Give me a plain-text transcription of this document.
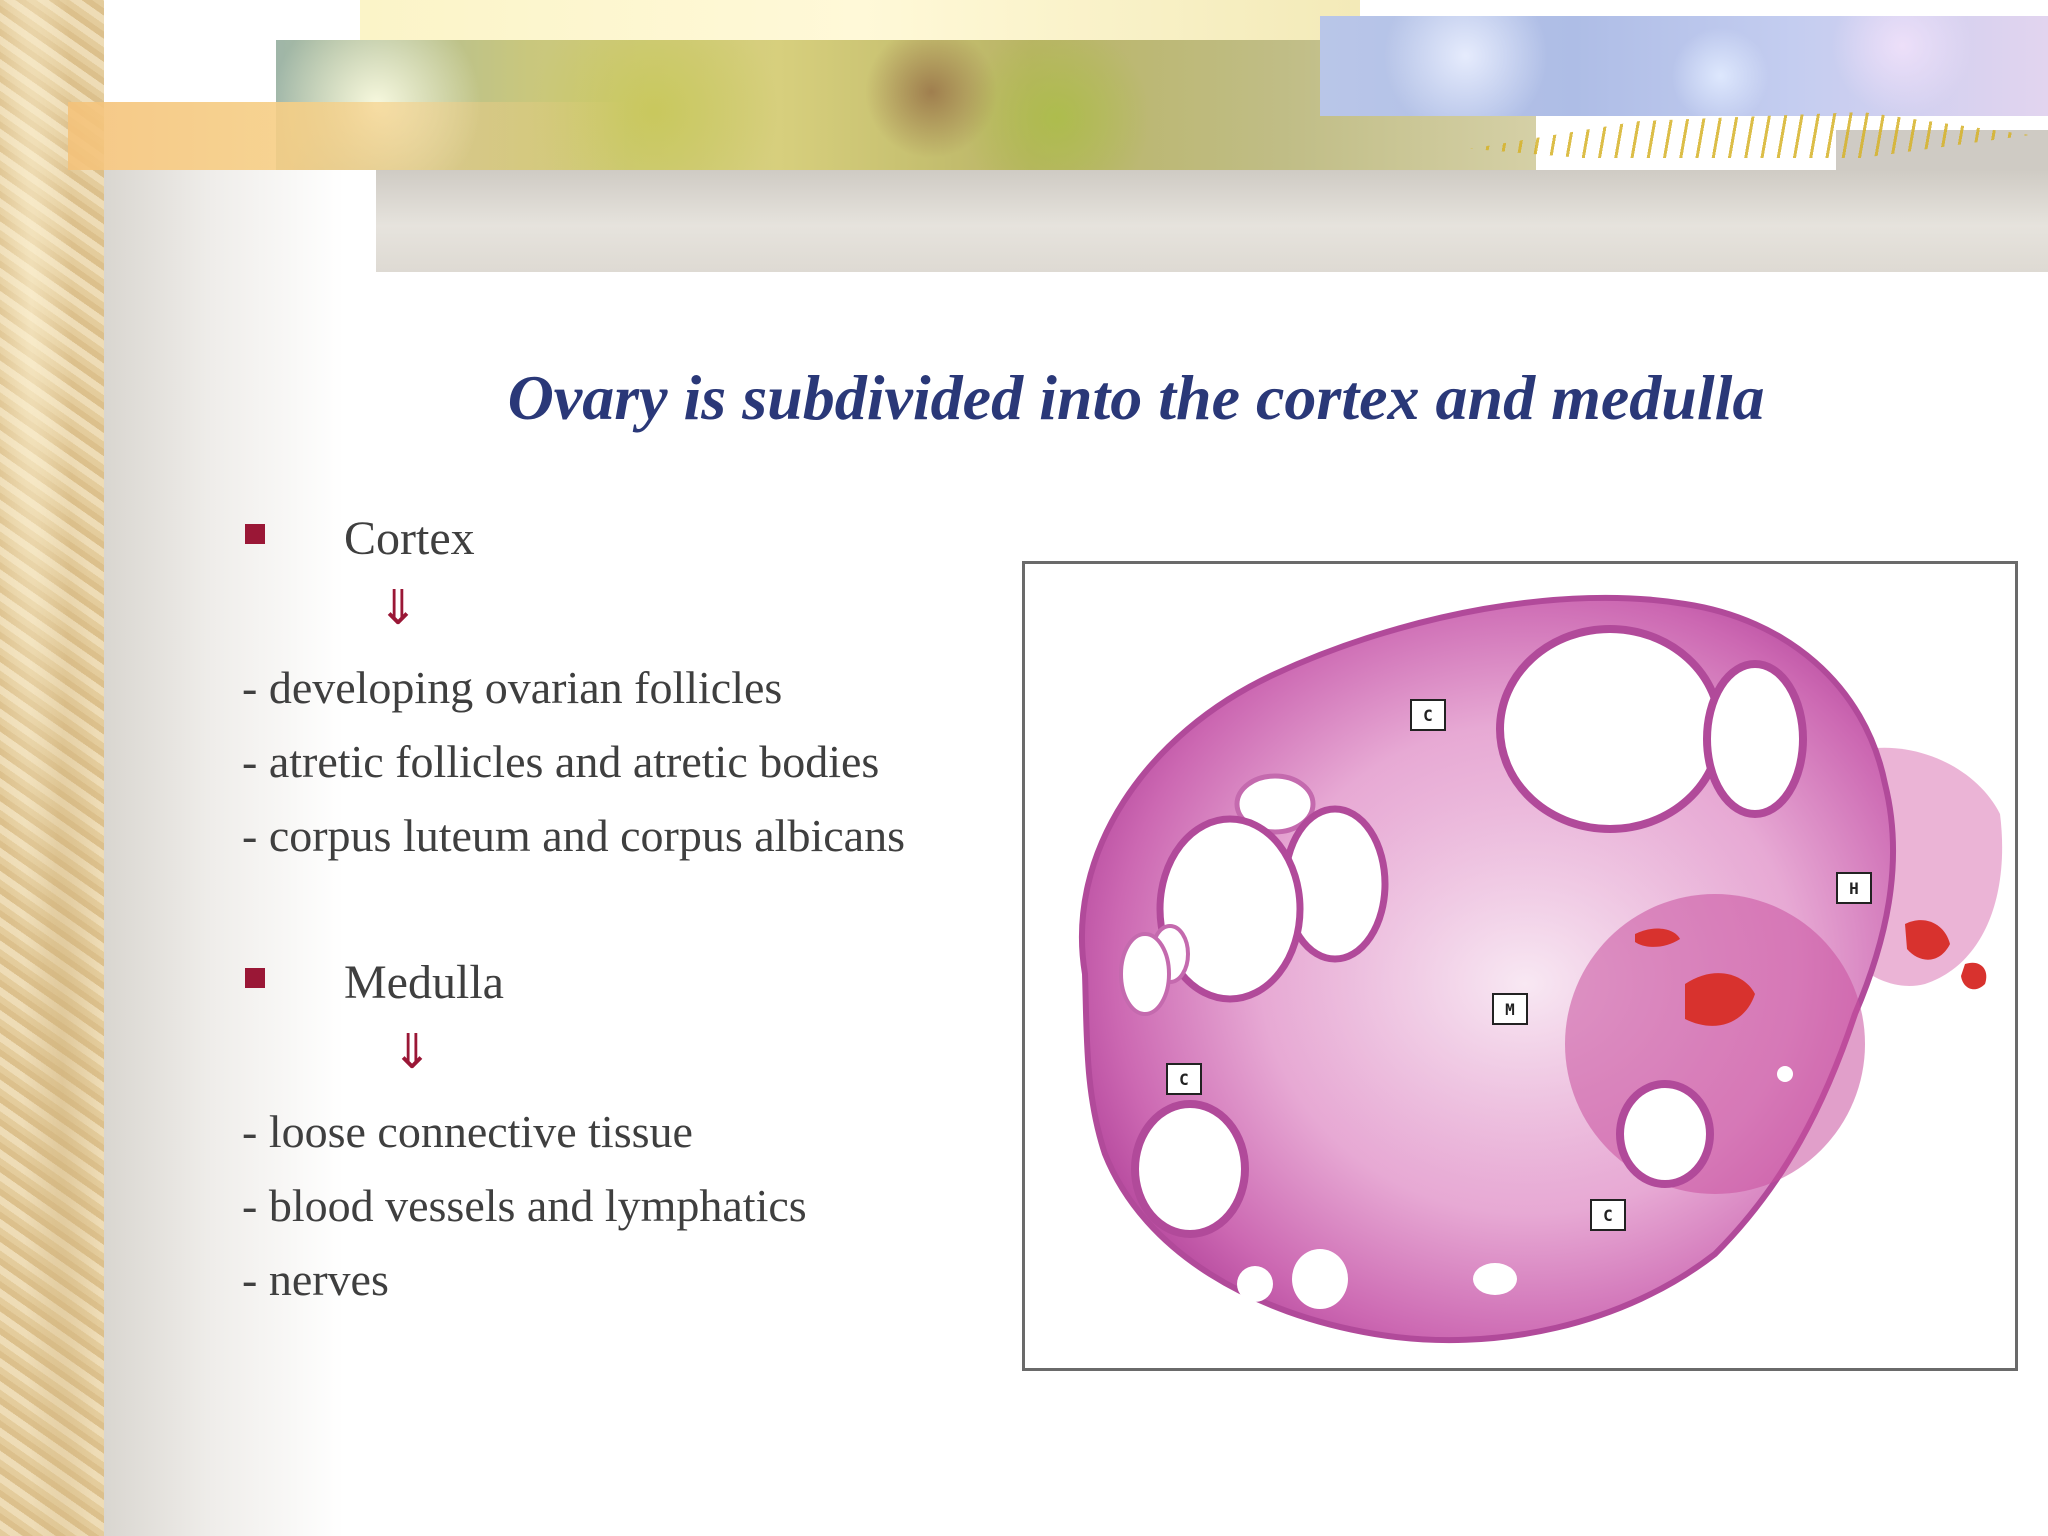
Ovary is subdivided into the cortex and medulla
Cortex
⇓
- developing ovarian follicles
- atretic follicles and atretic bodies
- corpus luteum and corpus albicans
Medulla
⇓
- loose connective tissue
- blood vessels and lymphatics
- nerves
C
H
M
C
C
